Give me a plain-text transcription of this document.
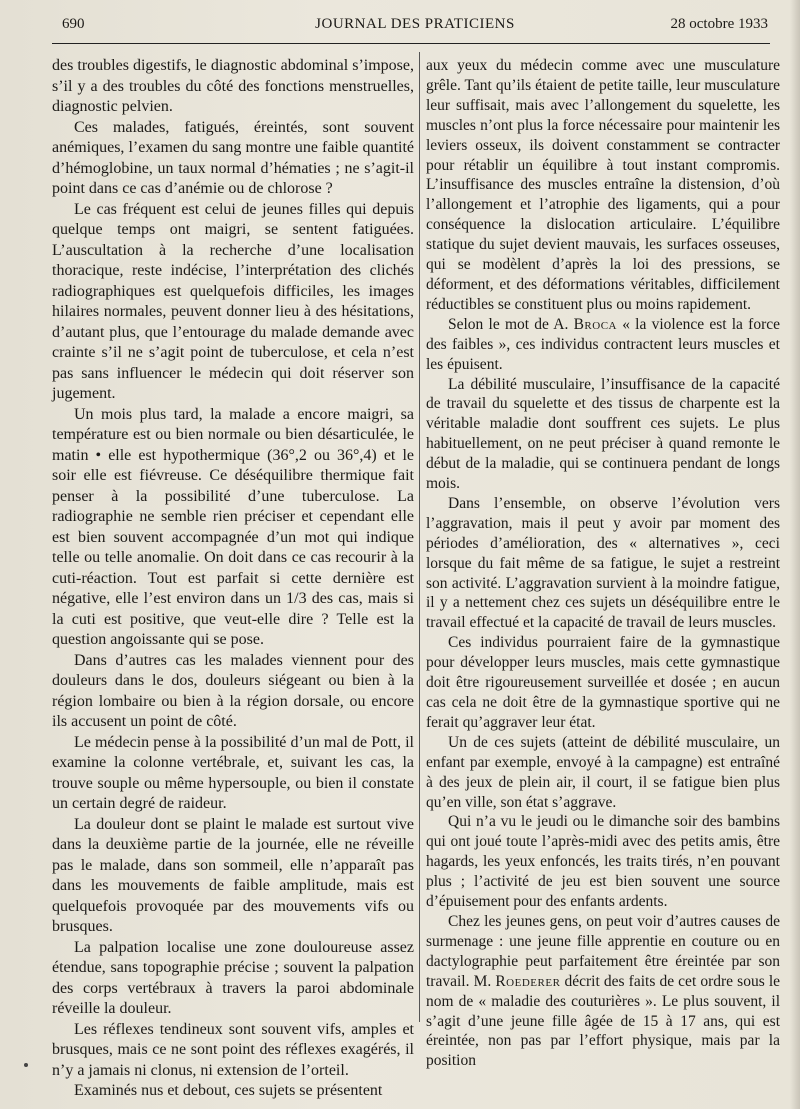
690	JOURNAL DES PRATICIENS	28 octobre 1933

des troubles digestifs, le diagnostic abdominal s’impose, s’il y a des troubles du côté des fonctions menstruelles, diagnostic pelvien.

Ces malades, fatigués, éreintés, sont souvent anémiques, l’examen du sang montre une faible quantité d’hémoglobine, un taux normal d’hématies ; ne s’agit-il point dans ce cas d’anémie ou de chlorose ?

Le cas fréquent est celui de jeunes filles qui depuis quelque temps ont maigri, se sentent fatiguées. L’auscultation à la recherche d’une localisation thoracique, reste indécise, l’interprétation des clichés radiographiques est quelquefois difficiles, les images hilaires normales, peuvent donner lieu à des hésitations, d’autant plus, que l’entourage du malade demande avec crainte s’il ne s’agit point de tuberculose, et cela n’est pas sans influencer le médecin qui doit réserver son jugement.

Un mois plus tard, la malade a encore maigri, sa température est ou bien normale ou bien désarticulée, le matin • elle est hypothermique (36°,2 ou 36°,4) et le soir elle est fiévreuse. Ce déséquilibre thermique fait penser à la possibilité d’une tuberculose. La radiographie ne semble rien préciser et cependant elle est bien souvent accompagnée d’un mot qui indique telle ou telle anomalie. On doit dans ce cas recourir à la cuti-réaction. Tout est parfait si cette dernière est négative, elle l’est environ dans un 1/3 des cas, mais si la cuti est positive, que veut-elle dire ? Telle est la question angoissante qui se pose.

Dans d’autres cas les malades viennent pour des douleurs dans le dos, douleurs siégeant ou bien à la région lombaire ou bien à la région dorsale, ou encore ils accusent un point de côté.

Le médecin pense à la possibilité d’un mal de Pott, il examine la colonne vertébrale, et, suivant les cas, la trouve souple ou même hypersouple, ou bien il constate un certain degré de raideur.

La douleur dont se plaint le malade est surtout vive dans la deuxième partie de la journée, elle ne réveille pas le malade, dans son sommeil, elle n’apparaît pas dans les mouvements de faible amplitude, mais est quelquefois provoquée par des mouvements vifs ou brusques.

La palpation localise une zone douloureuse assez étendue, sans topographie précise ; souvent la palpation des corps vertébraux à travers la paroi abdominale réveille la douleur.

Les réflexes tendineux sont souvent vifs, amples et brusques, mais ce ne sont point des réflexes exagérés, il n’y a jamais ni clonus, ni extension de l’orteil.

Examinés nus et debout, ces sujets se présentent

aux yeux du médecin comme avec une musculature grêle. Tant qu’ils étaient de petite taille, leur musculature leur suffisait, mais avec l’allongement du squelette, les muscles n’ont plus la force nécessaire pour maintenir les leviers osseux, ils doivent constamment se contracter pour rétablir un équilibre à tout instant compromis. L’insuffisance des muscles entraîne la distension, d’où l’allongement et l’atrophie des ligaments, qui a pour conséquence la dislocation articulaire. L’équilibre statique du sujet devient mauvais, les surfaces osseuses, qui se modèlent d’après la loi des pressions, se déforment, et des déformations véritables, difficilement réductibles se constituent plus ou moins rapidement.

Selon le mot de A. Broca « la violence est la force des faibles », ces individus contractent leurs muscles et les épuisent.

La débilité musculaire, l’insuffisance de la capacité de travail du squelette et des tissus de charpente est la véritable maladie dont souffrent ces sujets. Le plus habituellement, on ne peut préciser à quand remonte le début de la maladie, qui se continuera pendant de longs mois.

Dans l’ensemble, on observe l’évolution vers l’aggravation, mais il peut y avoir par moment des périodes d’amélioration, des « alternatives », ceci lorsque du fait même de sa fatigue, le sujet a restreint son activité. L’aggravation survient à la moindre fatigue, il y a nettement chez ces sujets un déséquilibre entre le travail effectué et la capacité de travail de leurs muscles.

Ces individus pourraient faire de la gymnastique pour développer leurs muscles, mais cette gymnastique doit être rigoureusement surveillée et dosée ; en aucun cas cela ne doit être de la gymnastique sportive qui ne ferait qu’aggraver leur état.

Un de ces sujets (atteint de débilité musculaire, un enfant par exemple, envoyé à la campagne) est entraîné à des jeux de plein air, il court, il se fatigue bien plus qu’en ville, son état s’aggrave.

Qui n’a vu le jeudi ou le dimanche soir des bambins qui ont joué toute l’après-midi avec des petits amis, être hagards, les yeux enfoncés, les traits tirés, n’en pouvant plus ; l’activité de jeu est bien souvent une source d’épuisement pour des enfants ardents.

Chez les jeunes gens, on peut voir d’autres causes de surmenage : une jeune fille apprentie en couture ou en dactylographie peut parfaitement être éreintée par son travail. M. Roederer décrit des faits de cet ordre sous le nom de « maladie des couturières ». Le plus souvent, il s’agit d’une jeune fille âgée de 15 à 17 ans, qui est éreintée, non pas par l’effort physique, mais par la position
